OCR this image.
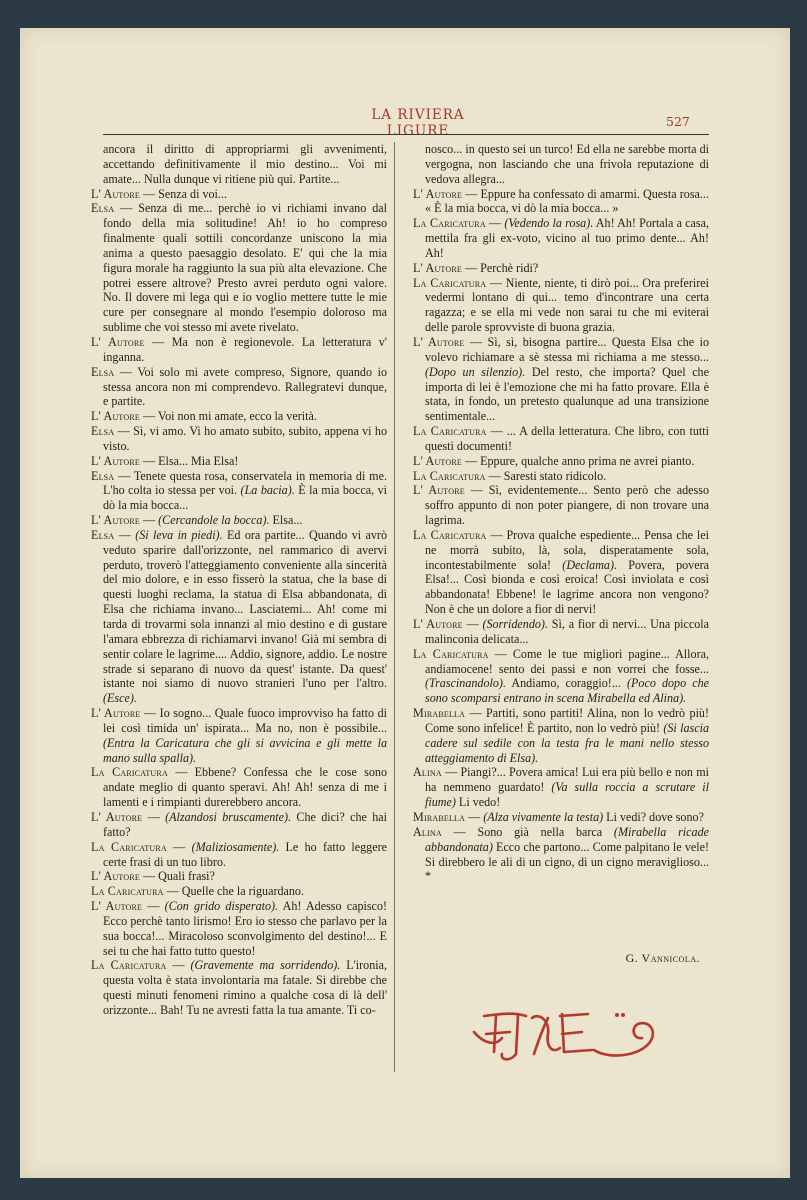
LA RIVIERA LIGURE
527

ancora il diritto di appropriarmi gli avvenimenti, accettando definitivamente il mio destino... Voi mi amate... Nulla dunque vi ritiene più qui. Partite...

L' Autore — Senza di voi...

Elsa — Senza di me... perchè io vi richiami invano dal fondo della mia solitudine! Ah! io ho compreso finalmente quali sottili concordanze uniscono la mia anima a questo paesaggio desolato. E' qui che la mia figura morale ha raggiunto la sua più alta elevazione. Che potrei essere altrove? Presto avrei perduto ogni valore. No. Il dovere mi lega qui e io voglio mettere tutte le mie cure per consegnare al mondo l'esempio doloroso ma sublime che voi stesso mi avete rivelato.

L' Autore — Ma non è regionevole. La letteratura v' inganna.

Elsa — Voi solo mi avete compreso, Signore, quando io stessa ancora non mi comprendevo. Rallegratevi dunque, e partite.

L' Autore — Voi non mi amate, ecco la verità.

Elsa — Sì, vi amo. Vi ho amato subito, subito, appena vi ho visto.

L' Autore — Elsa... Mia Elsa!

Elsa — Tenete questa rosa, conservatela in memoria di me. L'ho colta io stessa per voi. (La bacia). È la mia bocca, vi dò la mia bocca...

L' Autore — (Cercandole la bocca). Elsa...

Elsa — (Si leva in piedi). Ed ora partite... Quando vi avrò veduto sparire dall'orizzonte, nel rammarico di avervi perduto, troverò l'atteggiamento conveniente alla sincerità del mio dolore, e in esso fisserò la statua, che la base di questi luoghi reclama, la statua di Elsa abbandonata, di Elsa che richiama invano... Lasciatemi... Ah! come mi tarda di trovarmi sola innanzi al mio destino e di gustare l'amara ebbrezza di richiamarvi invano! Già mi sembra di sentir colare le lagrime.... Addio, signore, addio. Le nostre strade si separano di nuovo da quest' istante. Da quest' istante noi siamo di nuovo stranieri l'uno per l'altro. (Esce).

L' Autore — Io sogno... Quale fuoco improvviso ha fatto di lei così timida un' ispirata... Ma no, non è possibile... (Entra la Caricatura che gli si avvicina e gli mette la mano sulla spalla).

La Caricatura — Ebbene? Confessa che le cose sono andate meglio di quanto speravi. Ah! Ah! senza di me i lamenti e i rimpianti durerebbero ancora.

L' Autore — (Alzandosi bruscamente). Che dici? che hai fatto?

La Caricatura — (Maliziosamente). Le ho fatto leggere certe frasi di un tuo libro.

L' Autore — Quali frasi?

La Caricatura — Quelle che la riguardano.

L' Autore — (Con grido disperato). Ah! Adesso capisco! Ecco perchè tanto lirismo! Ero io stesso che parlavo per la sua bocca!... Miracoloso sconvolgimento del destino!... E sei tu che hai fatto tutto questo!

La Caricatura — (Gravemente ma sorridendo). L'ironia, questa volta è stata involontaria ma fatale. Si direbbe che questi minuti fenomeni rimino a qualche cosa di là dell' orizzonte... Bah! Tu ne avresti fatta la tua amante. Ti co-

nosco... in questo sei un turco! Ed ella ne sarebbe morta di vergogna, non lasciando che una frivola reputazione di vedova allegra...

L' Autore — Eppure ha confessato di amarmi. Questa rosa... « È la mia bocca, vi dò la mia bocca... »

La Caricatura — (Vedendo la rosa). Ah! Ah! Portala a casa, mettila fra gli ex-voto, vicino al tuo primo dente... Ah! Ah!

L' Autore — Perchè ridi?

La Caricatura — Niente, niente, ti dirò poi... Ora preferirei vedermi lontano di qui... temo d'incontrare una certa ragazza; e se ella mi vede non sarai tu che mi eviterai delle parole sprovviste di buona grazia.

L' Autore — Sì, sì, bisogna partire... Questa Elsa che io volevo richiamare a sè stessa mi richiama a me stesso... (Dopo un silenzio). Del resto, che importa? Quel che importa di lei è l'emozione che mi ha fatto provare. Ella è stata, in fondo, un pretesto qualunque ad una transizione sentimentale...

La Caricatura — ... A della letteratura. Che libro, con tutti questi documenti!

L' Autore — Eppure, qualche anno prima ne avrei pianto.

La Caricatura — Saresti stato ridicolo.

L' Autore — Sì, evidentemente... Sento però che adesso soffro appunto di non poter piangere, di non trovare una lagrima.

La Caricatura — Prova qualche espediente... Pensa che lei ne morrà subito, là, sola, disperatamente sola, incontestabilmente sola! (Declama). Povera, povera Elsa!... Così bionda e così eroica! Così inviolata e così abbandonata! Ebbene! le lagrime ancora non vengono? Non è che un dolore a fior di nervi!

L' Autore — (Sorridendo). Sì, a fior di nervi... Una piccola malinconia delicata...

La Caricatura — Come le tue migliori pagine... Allora, andiamocene! sento dei passi e non vorrei che fosse... (Trascinandolo). Andiamo, coraggio!... (Poco dopo che sono scomparsi entrano in scena Mirabella ed Alina).

Mirabella — Partiti, sono partiti! Alina, non lo vedrò più! Come sono infelice! È partito, non lo vedrò più! (Si lascia cadere sul sedile con la testa fra le mani nello stesso atteggiamento di Elsa).

Alina — Piangi?... Povera amica! Lui era più bello e non mi ha nemmeno guardato! (Va sulla roccia a scrutare il fiume) Li vedo!

Mirabella — (Alza vivamente la testa) Li vedi? dove sono?

Alina — Sono già nella barca (Mirabella ricade abbandonata) Ecco che partono... Come palpitano le vele! Si direbbero le ali di un cigno, di un cigno meraviglioso... *

G. Vannicola.
